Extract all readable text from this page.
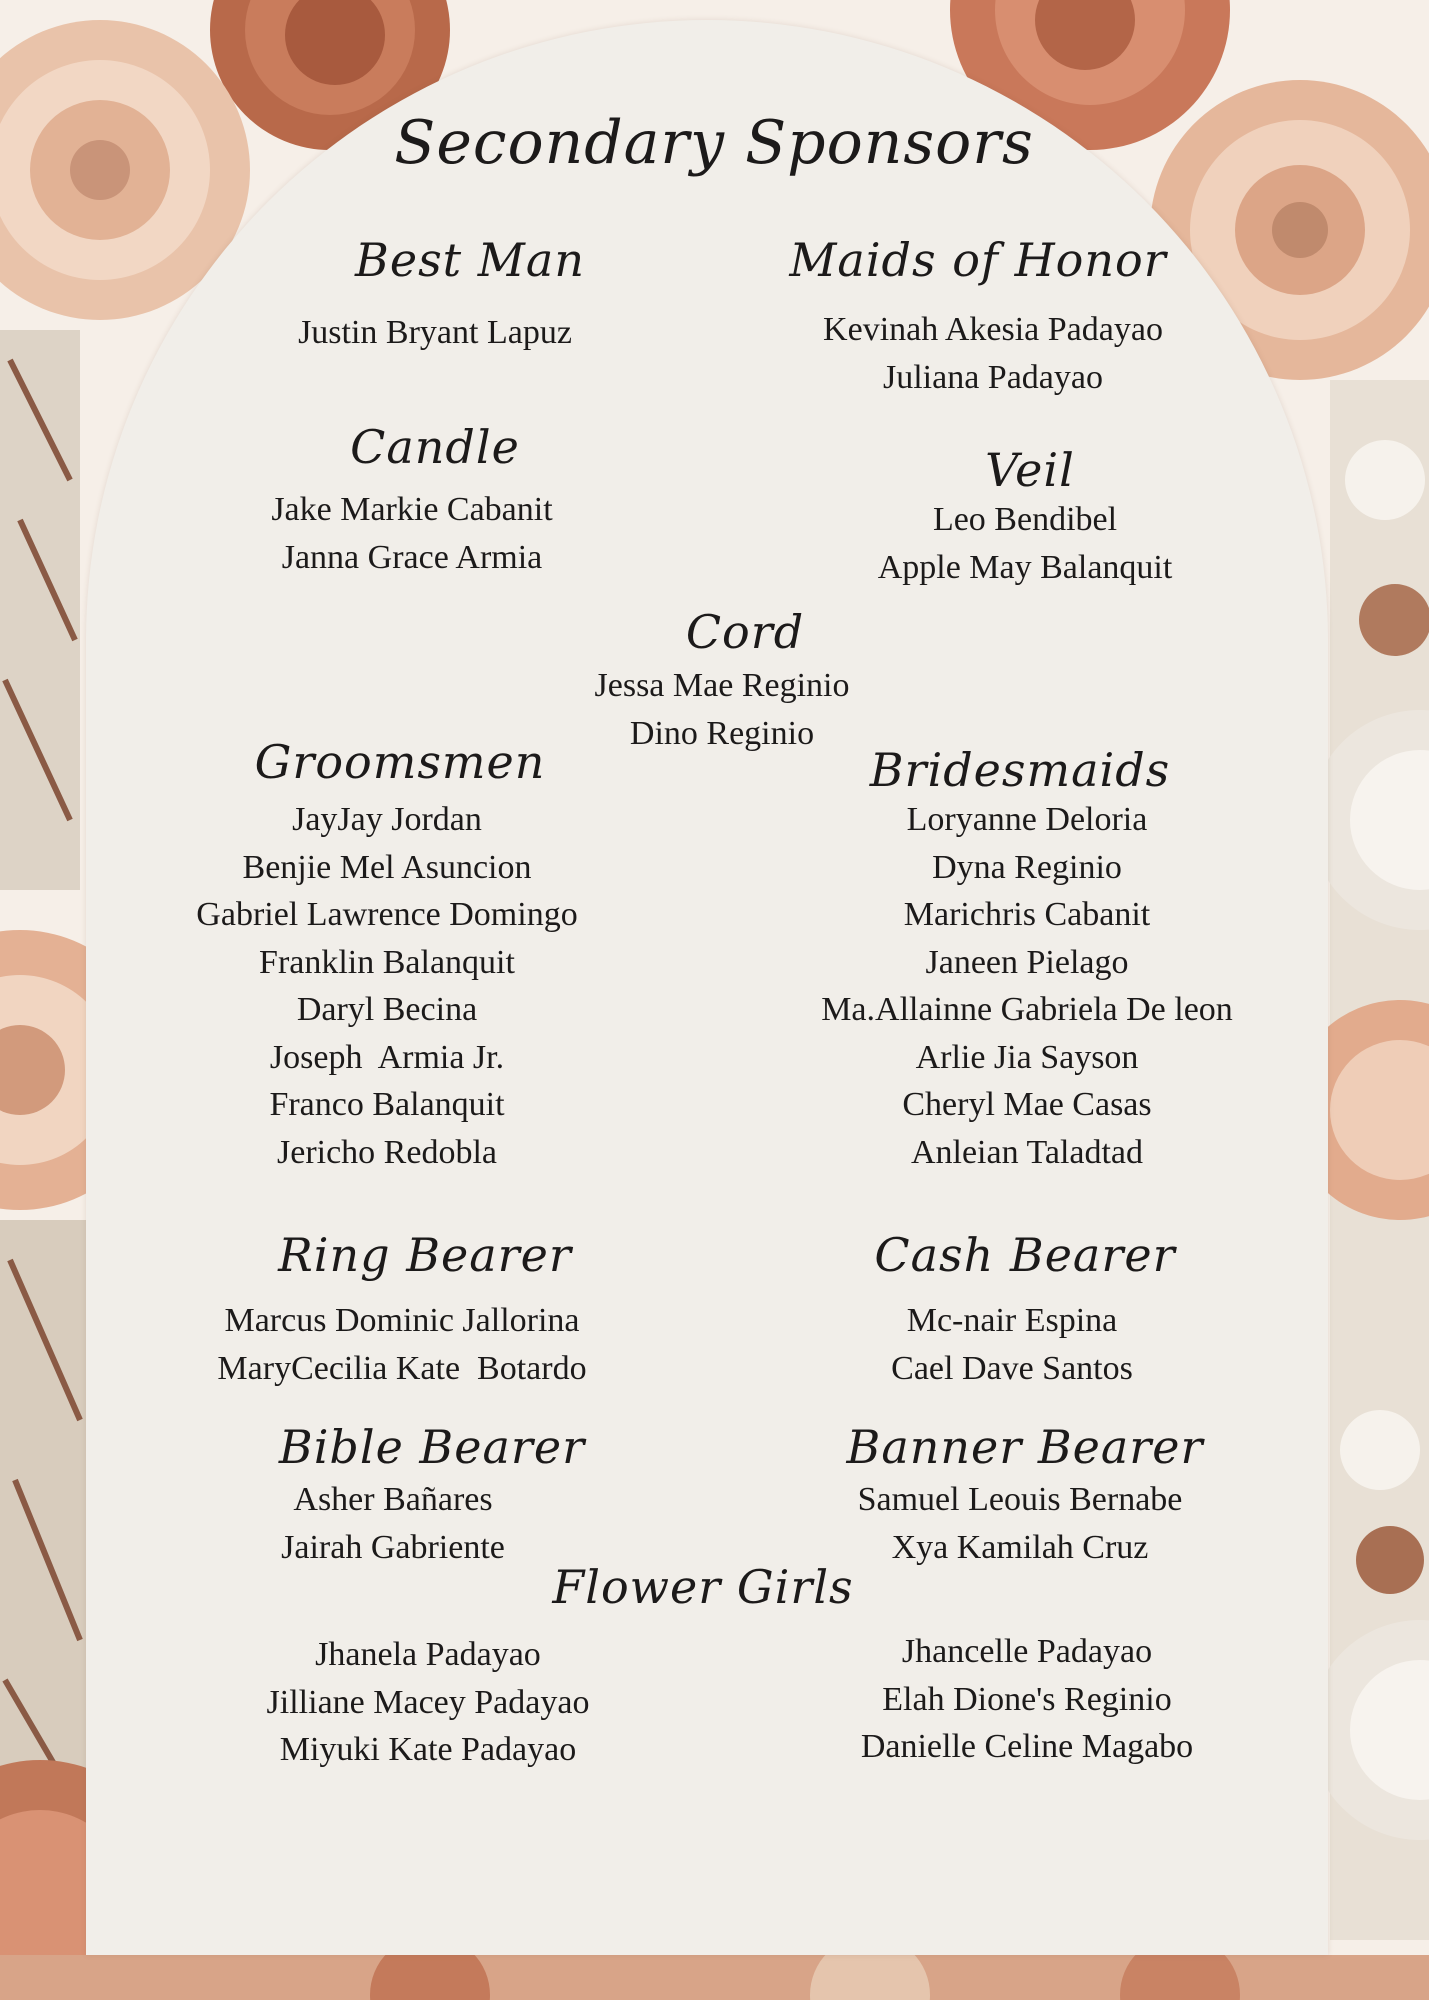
Secondary Sponsors
Best Man
Justin Bryant Lapuz
Maids of Honor
Kevinah Akesia Padayao
Juliana Padayao
Candle
Jake Markie Cabanit
Janna Grace Armia
Veil
Leo Bendibel
Apple May Balanquit
Cord
Jessa Mae Reginio
Dino Reginio
Groomsmen
JayJay Jordan
Benjie Mel Asuncion
Gabriel Lawrence Domingo
Franklin Balanquit
Daryl Becina
Joseph  Armia Jr.
Franco Balanquit
Jericho Redobla
Bridesmaids
Loryanne Deloria
Dyna Reginio
Marichris Cabanit
Janeen Pielago
Ma.Allainne Gabriela De leon
Arlie Jia Sayson
Cheryl Mae Casas
Anleian Taladtad
Ring Bearer
Marcus Dominic Jallorina
MaryCecilia Kate  Botardo
Cash Bearer
Mc-nair Espina
Cael Dave Santos
Bible Bearer
Asher Bañares
Jairah Gabriente
Banner Bearer
Samuel Leouis Bernabe
Xya Kamilah Cruz
Flower Girls
Jhanela Padayao
Jilliane Macey Padayao
Miyuki Kate Padayao
Jhancelle Padayao
Elah Dione's Reginio
Danielle Celine Magabo
